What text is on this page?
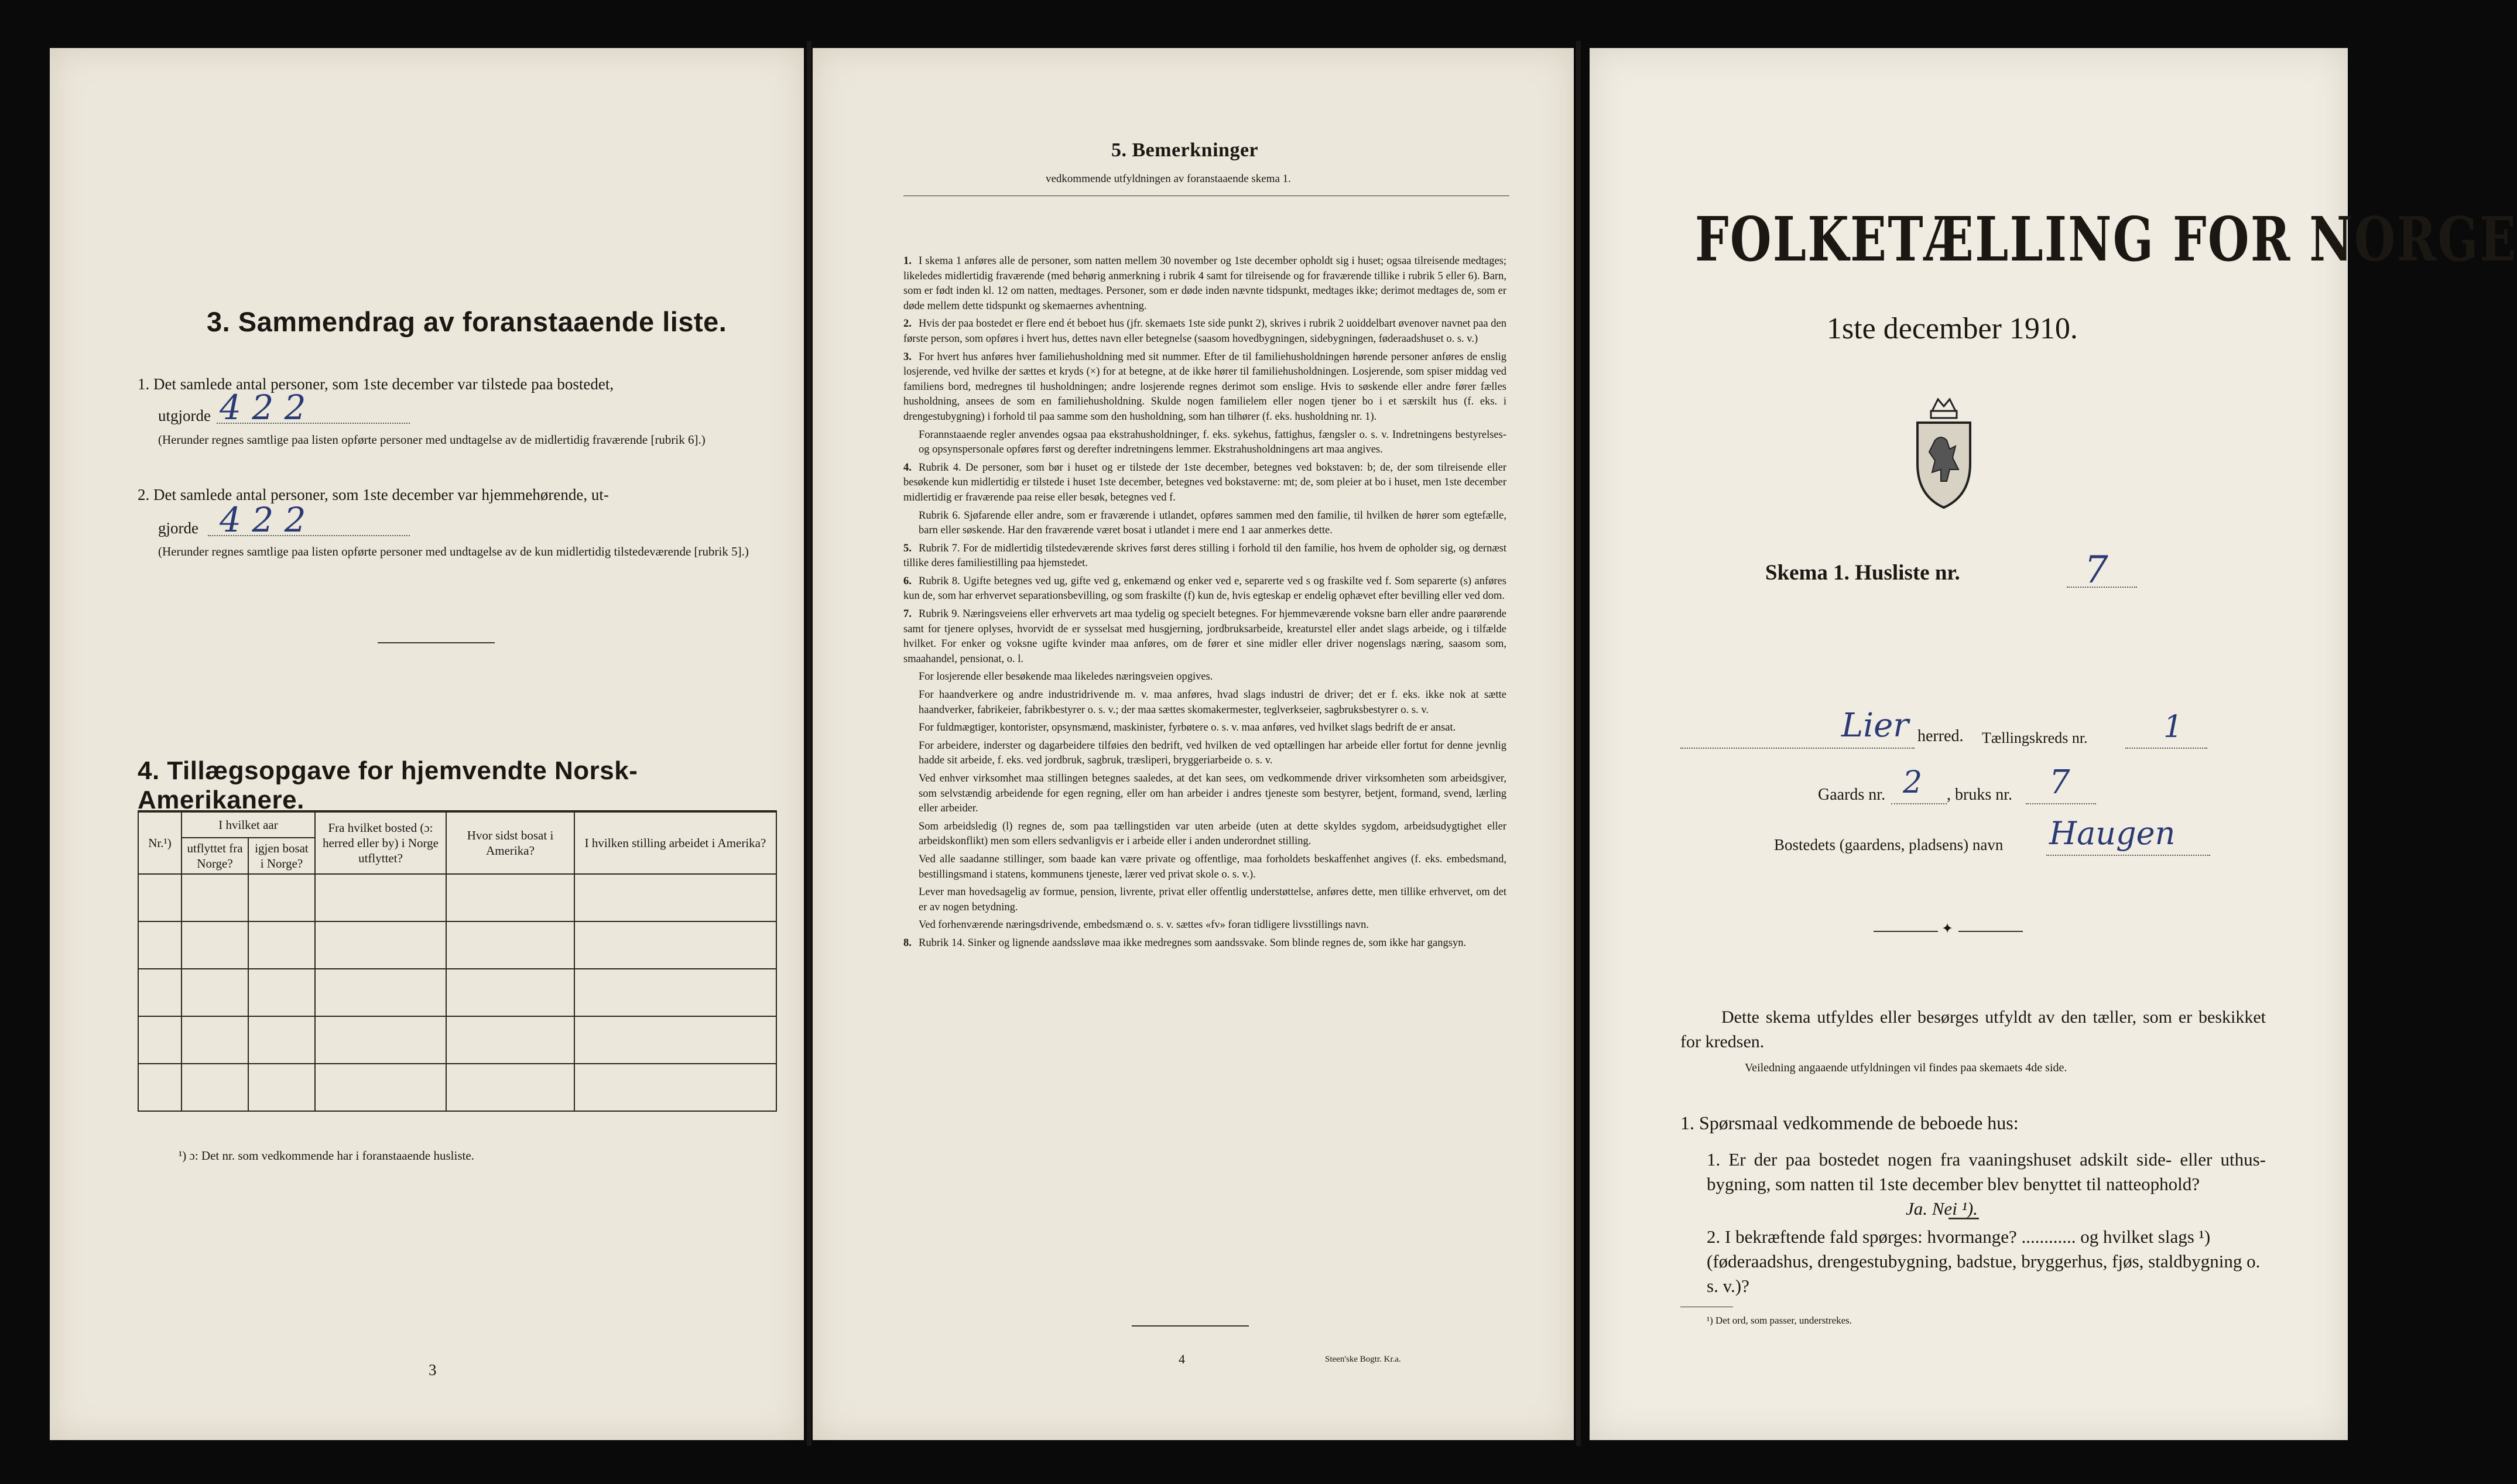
3. Sammendrag av foranstaaende liste.
1. Det samlede antal personer, som 1ste december var tilstede paa bostedet,
utgjorde 4 2 2
(Herunder regnes samtlige paa listen opførte personer med undtagelse av de midlertidig fraværende [rubrik 6].)
2. Det samlede antal personer, som 1ste december var hjemmehørende, ut-
gjorde 4 2 2
(Herunder regnes samtlige paa listen opførte personer med undtagelse av de kun midlertidig tilstedeværende [rubrik 5].)
4. Tillægsopgave for hjemvendte Norsk-Amerikanere.
Nr.¹)	I hvilket aar		Fra hvilket bosted (ɔ: herred eller by) i Norge utflyttet?	Hvor sidst bosat i Amerika?	I hvilken stilling arbeidet i Amerika?
	utflyttet fra Norge?	igjen bosat i Norge?			

¹) ɔ: Det nr. som vedkommende har i foranstaaende husliste.
3
5. Bemerkninger
vedkommende utfyldningen av foranstaaende skema 1.

1. I skema 1 anføres alle de personer, som natten mellem 30 november og 1ste december opholdt sig i huset; ogsaa tilreisende medtages; likeledes midlertidig fraværende (med behørig anmerkning i rubrik 4 samt for tilreisende og for fraværende tillike i rubrik 5 eller 6). Barn, som er født inden kl. 12 om natten, medtages. Personer, som er døde inden nævnte tidspunkt, medtages ikke; derimot medtages de, som er døde mellem dette tidspunkt og skemaernes avhentning.

2. Hvis der paa bostedet er flere end ét beboet hus (jfr. skemaets 1ste side punkt 2), skrives i rubrik 2 uoiddelbart øvenover navnet paa den første person, som opføres i hvert hus, dettes navn eller betegnelse (saasom hovedbygningen, sidebygningen, føderaadshuset o. s. v.)

3. For hvert hus anføres hver familiehusholdning med sit nummer. Efter de til familiehusholdningen hørende personer anføres de enslig losjerende, ved hvilke der sættes et kryds (×) for at betegne, at de ikke hører til familiehusholdningen. Losjerende, som spiser middag ved familiens bord, medregnes til husholdningen; andre losjerende regnes derimot som enslige. Hvis to søskende eller andre fører fælles husholdning, ansees de som en familiehusholdning. Skulde nogen familielem eller nogen tjener bo i et særskilt hus (f. eks. i drengestubygning) i forhold til paa samme som den husholdning, som han tilhører (f. eks. husholdning nr. 1).

Forannstaaende regler anvendes ogsaa paa ekstrahusholdninger, f. eks. sykehus, fattighus, fængsler o. s. v. Indretningens bestyrelses- og opsynspersonale opføres først og derefter indretningens lemmer. Ekstrahusholdningens art maa angives.

4. Rubrik 4. De personer, som bør i huset og er tilstede der 1ste december, betegnes ved bokstaven: b; de, der som tilreisende eller besøkende kun midlertidig er tilstede i huset 1ste december, betegnes ved bokstaverne: mt; de, som pleier at bo i huset, men 1ste december midlertidig er fraværende paa reise eller besøk, betegnes ved f.

Rubrik 6. Sjøfarende eller andre, som er fraværende i utlandet, opføres sammen med den familie, til hvilken de hører som egtefælle, barn eller søskende. Har den fraværende været bosat i utlandet i mere end 1 aar anmerkes dette.

5. Rubrik 7. For de midlertidig tilstedeværende skrives først deres stilling i forhold til den familie, hos hvem de opholder sig, og dernæst tillike deres familiestilling paa hjemstedet.

6. Rubrik 8. Ugifte betegnes ved ug, gifte ved g, enkemænd og enker ved e, separerte ved s og fraskilte ved f. Som separerte (s) anføres kun de, som har erhvervet separationsbevilling, og som fraskilte (f) kun de, hvis egteskap er endelig ophævet efter bevilling eller ved dom.

7. Rubrik 9. Næringsveiens eller erhvervets art maa tydelig og specielt betegnes. For hjemmeværende voksne barn eller andre paarørende samt for tjenere oplyses, hvorvidt de er sysselsat med husgjerning, jordbruksarbeide, kreaturstel eller andet slags arbeide, og i tilfælde hvilket. For enker og voksne ugifte kvinder maa anføres, om de fører et sine midler eller driver nogenslags næring, saasom som, smaahandel, pensionat, o. l.

For losjerende eller besøkende maa likeledes næringsveien opgives.

For haandverkere og andre industridrivende m. v. maa anføres, hvad slags industri de driver; det er f. eks. ikke nok at sætte haandverker, fabrikeier, fabrikbestyrer o. s. v.; der maa sættes skomakermester, teglverkseier, sagbruksbestyrer o. s. v.

For fuldmægtiger, kontorister, opsynsmænd, maskinister, fyrbøtere o. s. v. maa anføres, ved hvilket slags bedrift de er ansat.

For arbeidere, inderster og dagarbeidere tilføies den bedrift, ved hvilken de ved optællingen har arbeide eller fortut for denne jevnlig hadde sit arbeide, f. eks. ved jordbruk, sagbruk, træsliperi, bryggeriarbeide o. s. v.

Ved enhver virksomhet maa stillingen betegnes saaledes, at det kan sees, om vedkommende driver virksomheten som arbeidsgiver, som selvstændig arbeidende for egen regning, eller om han arbeider i andres tjeneste som bestyrer, betjent, formand, svend, lærling eller arbeider.

Som arbeidsledig (l) regnes de, som paa tællingstiden var uten arbeide (uten at dette skyldes sygdom, arbeidsudygtighet eller arbeidskonflikt) men som ellers sedvanligvis er i arbeide eller i anden underordnet stilling.

Ved alle saadanne stillinger, som baade kan være private og offentlige, maa forholdets beskaffenhet angives (f. eks. embedsmand, bestillingsmand i statens, kommunens tjeneste, lærer ved privat skole o. s. v.).

Lever man hovedsagelig av formue, pension, livrente, privat eller offentlig understøttelse, anføres dette, men tillike erhvervet, om det er av nogen betydning.

Ved forhenværende næringsdrivende, embedsmænd o. s. v. sættes «fv» foran tidligere livsstillings navn.

8. Rubrik 14. Sinker og lignende aandssløve maa ikke medregnes som aandssvake. Som blinde regnes de, som ikke har gangsyn.

4	Steen'ske Bogtr. Kr.a.
FOLKETÆLLING FOR NORGE
1ste december 1910.
Skema 1. Husliste nr.	7
Lier herred. Tællingskreds nr. 1
Gaards nr. 2 , bruks nr. 7
Bostedets (gaardens, pladsens) navn Haugen
✦
Dette skema utfyldes eller besørges utfyldt av den tæller, som er beskikket for kredsen.
Veiledning angaaende utfyldningen vil findes paa skemaets 4de side.
1. Spørsmaal vedkommende de beboede hus:
1. Er der paa bostedet nogen fra vaaningshuset adskilt side- eller uthus-bygning, som natten til 1ste december blev benyttet til natteophold?
Ja. Nei ¹).
2. I bekræftende fald spørges: hvormange? ............ og hvilket slags ¹) (føderaadshus, drengestubygning, badstue, bryggerhus, fjøs, staldbygning o. s. v.)?
¹) Det ord, som passer, understrekes.
